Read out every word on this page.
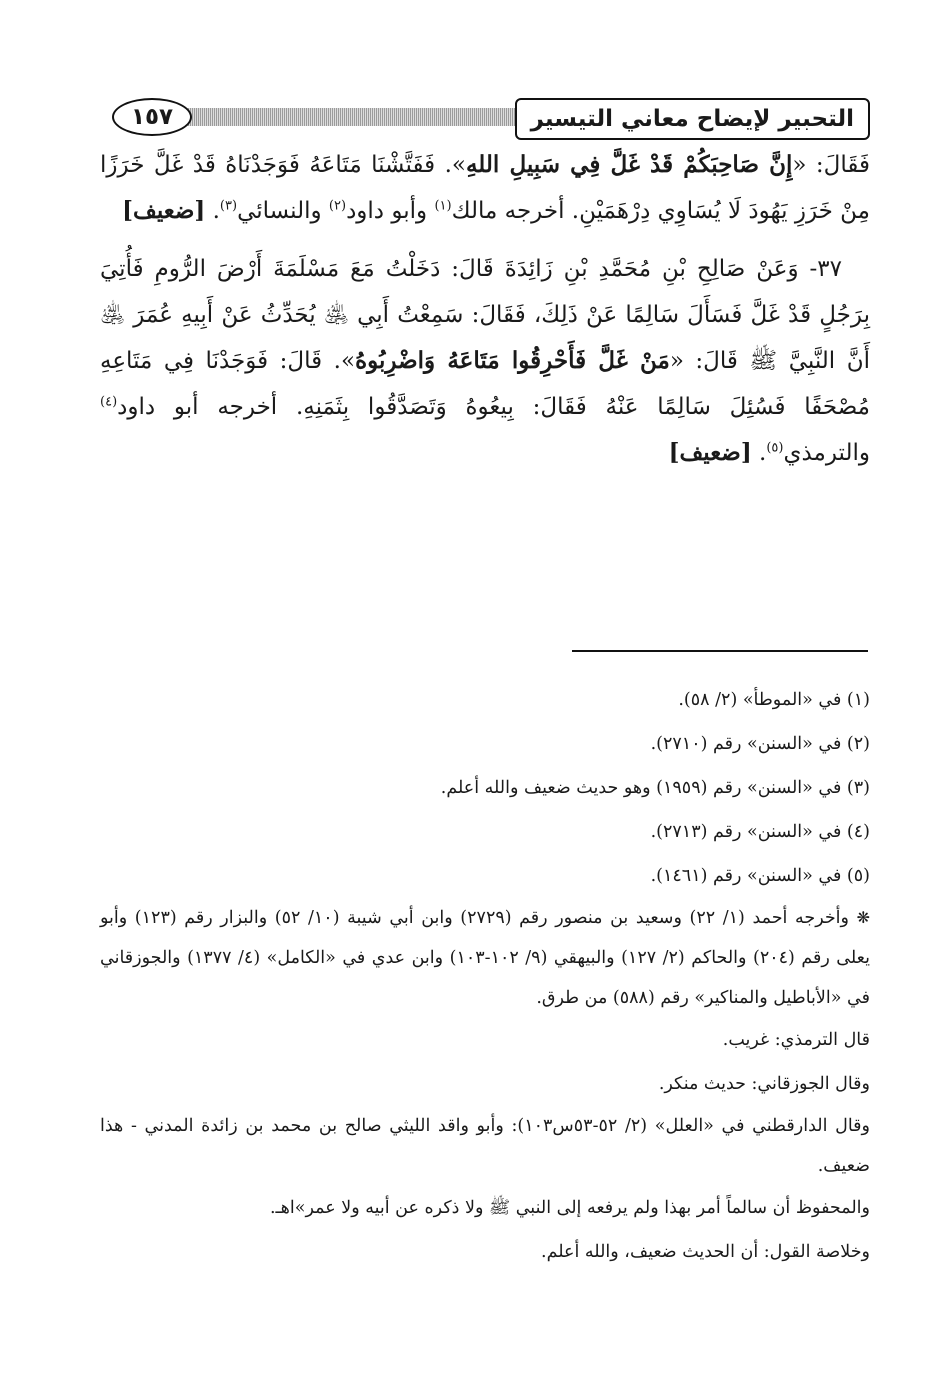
١٥٧	التحبير لإيضاح معاني التيسير

فَقَالَ: «إِنَّ صَاحِبَكُمْ قَدْ غَلَّ فِي سَبِيلِ اللهِ». فَفَتَّشْنَا مَتَاعَهُ فَوَجَدْنَاهُ قَدْ غَلَّ خَرَزًا مِنْ خَرَزِ يَهُودَ لَا يُسَاوِي دِرْهَمَيْنِ. أخرجه مالك$^{(١)}$ وأبو داود$^{(٢)}$ والنسائي$^{(٣)}$. [ضعيف]

٣٧- وَعَنْ صَالِحِ بْنِ مُحَمَّدِ بْنِ زَائِدَةَ قَالَ: دَخَلْتُ مَعَ مَسْلَمَةَ أَرْضَ الرُّومِ فَأُتِيَ بِرَجُلٍ قَدْ غَلَّ فَسَأَلَ سَالِمًا عَنْ ذَلِكَ، فَقَالَ: سَمِعْتُ أَبِي ﵁ يُحَدِّثُ عَنْ أَبِيهِ عُمَرَ ﵁ أَنَّ النَّبِيَّ ﷺ قَالَ: «مَنْ غَلَّ فَأَحْرِقُوا مَتَاعَهُ وَاضْرِبُوهُ». قَالَ: فَوَجَدْنَا فِي مَتَاعِهِ مُصْحَفًا فَسُئِلَ سَالِمًا عَنْهُ فَقَالَ: بِيعُوهُ وَتَصَدَّقُوا بِثَمَنِهِ. أخرجه أبو داود$^{(٤)}$ والترمذي$^{(٥)}$. [ضعيف]

(١) في «الموطأ» (٢/ ٥٨).

(٢) في «السنن» رقم (٢٧١٠).

(٣) في «السنن» رقم (١٩٥٩) وهو حديث ضعيف والله أعلم.

(٤) في «السنن» رقم (٢٧١٣).

(٥) في «السنن» رقم (١٤٦١).

❋ وأخرجه أحمد (١/ ٢٢) وسعيد بن منصور رقم (٢٧٢٩) وابن أبي شيبة (١٠/ ٥٢) والبزار رقم (١٢٣) وأبو يعلى رقم (٢٠٤) والحاكم (٢/ ١٢٧) والبيهقي (٩/ ١٠٢-١٠٣) وابن عدي في «الكامل» (٤/ ١٣٧٧) والجوزقاني في «الأباطيل والمناكير» رقم (٥٨٨) من طرق.

قال الترمذي: غريب.

وقال الجوزقاني: حديث منكر.

وقال الدارقطني في «العلل» (٢/ ٥٢-٥٣س١٠٣): وأبو واقد الليثي صالح بن محمد بن زائدة المدني - هذا ضعيف.

والمحفوظ أن سالماً أمر بهذا ولم يرفعه إلى النبي ﷺ ولا ذكره عن أبيه ولا عمر»اهـ.

وخلاصة القول: أن الحديث ضعيف، والله أعلم.
